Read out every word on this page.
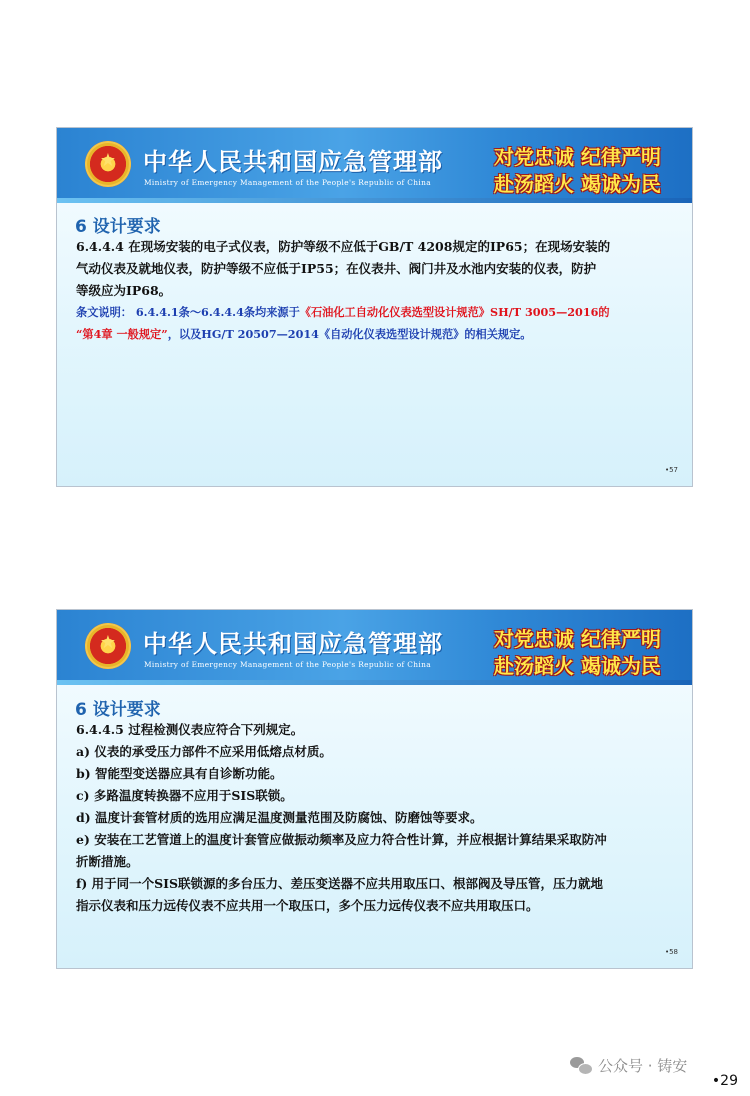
★	中华人民共和国应急管理部
Ministry of Emergency Management of the People's Republic of China
对党忠诚 纪律严明
赴汤蹈火 竭诚为民
6 设计要求
6.4.4.4 在现场安装的电子式仪表，防护等级不应低于GB/T 4208规定的IP65；在现场安装的
气动仪表及就地仪表，防护等级不应低于IP55；在仪表井、阀门井及水池内安装的仪表，防护
等级应为IP68。
条文说明： 6.4.4.1条～6.4.4.4条均来源于《石油化工自动化仪表选型设计规范》SH/T 3005—2016的
“第4章 一般规定”，以及HG/T 20507—2014《自动化仪表选型设计规范》的相关规定。
•57
★	中华人民共和国应急管理部
Ministry of Emergency Management of the People's Republic of China
对党忠诚 纪律严明
赴汤蹈火 竭诚为民
6 设计要求
6.4.4.5 过程检测仪表应符合下列规定。
a) 仪表的承受压力部件不应采用低熔点材质。
b) 智能型变送器应具有自诊断功能。
c) 多路温度转换器不应用于SIS联锁。
d) 温度计套管材质的选用应满足温度测量范围及防腐蚀、防磨蚀等要求。
e) 安装在工艺管道上的温度计套管应做振动频率及应力符合性计算，并应根据计算结果采取防冲
折断措施。
f) 用于同一个SIS联锁源的多台压力、差压变送器不应共用取压口、根部阀及导压管，压力就地
指示仪表和压力远传仪表不应共用一个取压口，多个压力远传仪表不应共用取压口。
•58
公众号 · 铸安
•29
